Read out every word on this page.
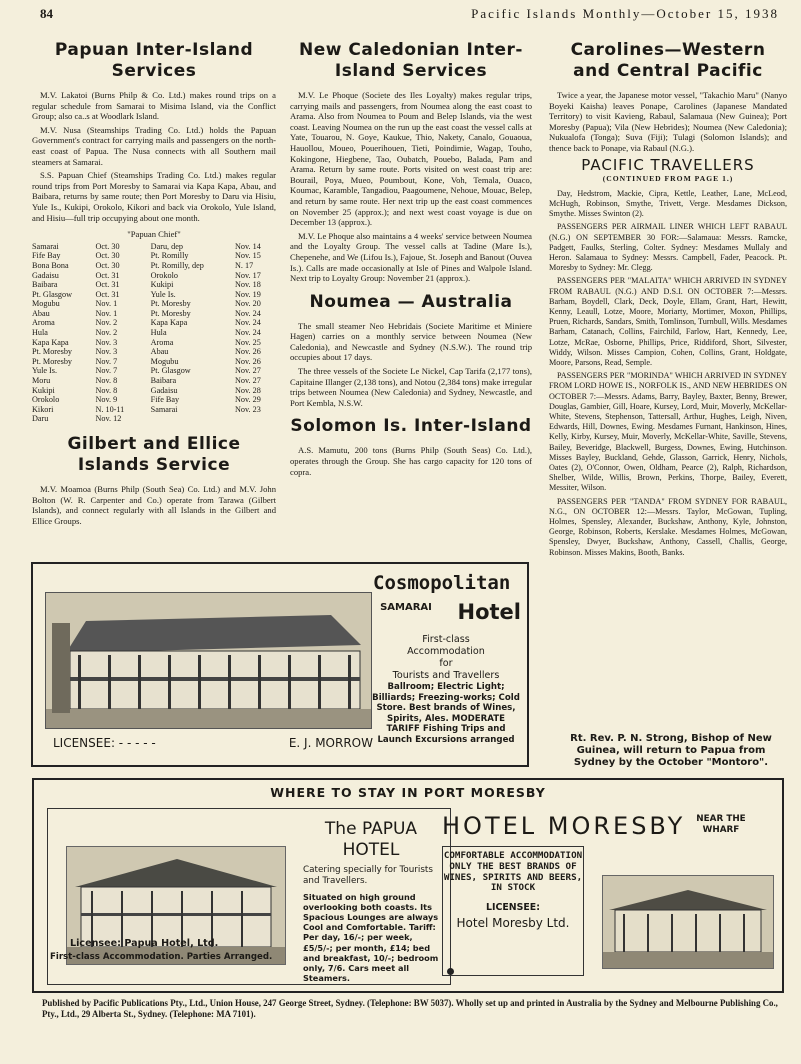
84	Pacific Islands Monthly—October 15, 1938
Papuan Inter-Island Services

M.V. Lakatoi (Burns Philp & Co. Ltd.) makes round trips on a regular schedule from Samarai to Misima Island, via the Conflict Group; also ca..s at Woodlark Island.

M.V. Nusa (Steamships Trading Co. Ltd.) holds the Papuan Government's contract for carrying mails and passengers on the north-east coast of Papua. The Nusa connects with all Southern mail steamers at Samarai.

S.S. Papuan Chief (Steamships Trading Co. Ltd.) makes regular round trips from Port Moresby to Samarai via Kapa Kapa, Abau, and Baibara, returns by same route; then Port Moresby to Daru via Hisiu, Yule Is., Kukipi, Orokolo, Kikori and back via Orokolo, Yule Island, and Hisiu—full trip occupying about one month.

"Papuan Chief"
Samarai	Oct. 30	Daru, dep	Nov. 14
Fife Bay	Oct. 30	Pt. Romilly	Nov. 15
Bona Bona	Oct. 30	Pt. Romilly, dep	N. 17
Gadaisu	Oct. 31	Orokolo	Nov. 17
Baibara	Oct. 31	Kukipi	Nov. 18
Pt. Glasgow	Oct. 31	Yule Is.	Nov. 19
Mogubu	Nov. 1	Pt. Moresby	Nov. 20
Abau	Nov. 1	Pt. Moresby	Nov. 24
Aroma	Nov. 2	Kapa Kapa	Nov. 24
Hula	Nov. 2	Hula	Nov. 24
Kapa Kapa	Nov. 3	Aroma	Nov. 25
Pt. Moresby	Nov. 3	Abau	Nov. 26
Pt. Moresby	Nov. 7	Mogubu	Nov. 26
Yule Is.	Nov. 7	Pt. Glasgow	Nov. 27
Moru	Nov. 8	Baibara	Nov. 27
Kukipi	Nov. 8	Gadaisu	Nov. 28
Orokolo	Nov. 9	Fife Bay	Nov. 29
Kikori	N. 10-11	Samarai	Nov. 23
Daru	Nov. 12		
Gilbert and Ellice Islands Service

M.V. Moamoa (Burns Philp (South Sea) Co. Ltd.) and M.V. John Bolton (W. R. Carpenter and Co.) operate from Tarawa (Gilbert Islands), and connect regularly with all Islands in the Gilbert and Ellice Groups.

New Caledonian Inter-Island Services

M.V. Le Phoque (Societe des Iles Loyalty) makes regular trips, carrying mails and passengers, from Noumea along the east coast to Arama. Also from Noumea to Poum and Belep Islands, via the west coast. Leaving Noumea on the run up the east coast the vessel calls at Yate, Touarou, N. Goye, Kaukue, Thio, Nakety, Canalo, Gouaoua, Hauollou, Moueo, Pouerihouen, Tieti, Poindimie, Wagap, Touho, Kokingone, Hiegbene, Tao, Oubatch, Pouebo, Balada, Pam and Arama. Return by same route. Ports visited on west coast trip are: Bourail, Poya, Mueo, Poumbout, Kone, Voh, Temala, Ouaco, Koumac, Karamble, Tangadiou, Paagoumene, Nehoue, Mouac, Belep, and return by same route. Her next trip up the east coast commences on November 25 (approx.); and next west coast voyage is due on December 13 (approx.).

M.V. Le Phoque also maintains a 4 weeks' service between Noumea and the Loyalty Group. The vessel calls at Tadine (Mare Is.), Chepenehe, and We (Lifou Is.), Fajoue, St. Joseph and Banout (Ouvea Is.). Calls are made occasionally at Isle of Pines and Walpole Island. Next trip to Loyalty Group: November 21 (approx.).

Noumea — Australia

The small steamer Neo Hebridais (Societe Maritime et Miniere Hagen) carries on a monthly service between Noumea (New Caledonia), and Newcastle and Sydney (N.S.W.). The round trip occupies about 17 days.

The three vessels of the Societe Le Nickel, Cap Tarifa (2,177 tons), Capitaine Illanger (2,138 tons), and Notou (2,384 tons) make irregular trips between Noumea (New Caledonia) and Sydney, Newcastle, and Port Kembla, N.S.W.

Solomon Is. Inter-Island

A.S. Mamutu, 200 tons (Burns Philp (South Seas) Co. Ltd.), operates through the Group. She has cargo capacity for 120 tons of copra.

Carolines—Western and Central Pacific

Twice a year, the Japanese motor vessel, "Takachio Maru" (Nanyo Boyeki Kaisha) leaves Ponape, Carolines (Japanese Mandated Territory) to visit Kavieng, Rabaul, Salamaua (New Guinea); Port Moresby (Papua); Vila (New Hebrides); Noumea (New Caledonia); Nukualofa (Tonga); Suva (Fiji); Tulagi (Solomon Islands); and thence back to Ponape, via Rabaul (N.G.).

PACIFIC TRAVELLERS
(CONTINUED FROM PAGE 1.)

Day, Hedstrom, Mackie, Cipra, Kettle, Leather, Lane, McLeod, McHugh, Robinson, Smythe, Trivett, Verge. Mesdames Dickson, Smythe. Misses Swinton (2).

PASSENGERS PER AIRMAIL LINER WHICH LEFT RABAUL (N.G.) ON SEPTEMBER 30 FOR:—Salamaua: Messrs. Ramcke, Padgett, Faulks, Sterling, Colter. Sydney: Mesdames Mullaly and Heron. Salamaua to Sydney: Messrs. Campbell, Fader, Peacock. Pt. Moresby to Sydney: Mr. Clegg.

PASSENGERS PER "MALAITA" WHICH ARRIVED IN SYDNEY FROM RABAUL (N.G.) AND D.S.I. ON OCTOBER 7:—Messrs. Barham, Boydell, Clark, Deck, Doyle, Ellam, Grant, Hart, Hewitt, Kenny, Leaull, Lotze, Moore, Moriarty, Mortimer, Moxon, Phillips, Pruen, Richards, Sandars, Smith, Tomlinson, Turnbull, Wills. Mesdames Barham, Catanach, Collins, Fairchild, Farlow, Hart, Kennedy, Lee, Lotze, McRae, Osborne, Phillips, Price, Riddiford, Short, Silvester, Widdy, Wilson. Misses Campion, Cohen, Collins, Grant, Holdgate, Moore, Parsons, Read, Semple.

PASSENGERS PER "MORINDA" WHICH ARRIVED IN SYDNEY FROM LORD HOWE IS., NORFOLK IS., AND NEW HEBRIDES ON OCTOBER 7:—Messrs. Adams, Barry, Bayley, Baxter, Benny, Brewer, Douglas, Gambier, Gill, Hoare, Kursey, Lord, Muir, Moverly, McKellar-White, Stevens, Stephenson, Tattersall, Arthur, Hughes, Leigh, Niven, Edwards, Hill, Downes, Ewing. Mesdames Furnant, Hankinson, Hines, Kelly, Kirby, Kursey, Muir, Moverly, McKellar-White, Saville, Stevens, Bailey, Beveridge, Blackwell, Burgess, Downes, Ewing, Hutchinson. Misses Bayley, Buckland, Gehde, Glasson, Garrick, Henry, Nichols, Oates (2), O'Connor, Owen, Oldham, Pearce (2), Ralph, Richardson, Shelber, Wilde, Willis, Brown, Perkins, Thorpe, Bailey, Everett, Messiter, Wilson.

PASSENGERS PER "TANDA" FROM SYDNEY FOR RABAUL, N.G., ON OCTOBER 12:—Messrs. Taylor, McGowan, Tupling, Holmes, Spensley, Alexander, Buckshaw, Anthony, Kyle, Johnston, George, Robinson, Roberts, Kerslake. Mesdames Holmes, McGowan, Spensley, Dwyer, Buckshaw, Anthony, Cassell, Challis, George, Robinson. Misses Makins, Booth, Banks.

Rt. Rev. P. N. Strong, Bishop of New Guinea, will return to Papua from Sydney by the October "Montoro".
LICENSEE: - - - - -	E. J. MORROW
Cosmopolitan
SAMARAI	Hotel
First-class
Accommodation
for
Tourists and Travellers
Ballroom; Electric Light; Billiards; Freezing-works; Cold Store. Best brands of Wines, Spirits, Ales. MODERATE TARIFF Fishing Trips and Launch Excursions arranged
WHERE TO STAY IN PORT MORESBY
The PAPUA HOTEL
Catering specially for Tourists and Travellers.
Situated on high ground overlooking both coasts. Its Spacious Lounges are always Cool and Comfortable. Tariff: Per day, 16/-; per week, £5/5/-; per month, £14; bed and breakfast, 10/-; bedroom only, 7/6. Cars meet all Steamers.
Licensee: Papua Hotel, Ltd.
First-class Accommodation. Parties Arranged.
HOTEL MORESBY	NEAR THE WHARF
COMFORTABLE ACCOMMODATION ONLY THE BEST BRANDS OF WINES, SPIRITS AND BEERS, IN STOCK
LICENSEE:
Hotel Moresby Ltd.
Published by Pacific Publications Pty., Ltd., Union House, 247 George Street, Sydney. (Telephone: BW 5037). Wholly set up and printed in Australia by the Sydney and Melbourne Publishing Co., Pty., Ltd., 29 Alberta St., Sydney. (Telephone: MA 7101).
